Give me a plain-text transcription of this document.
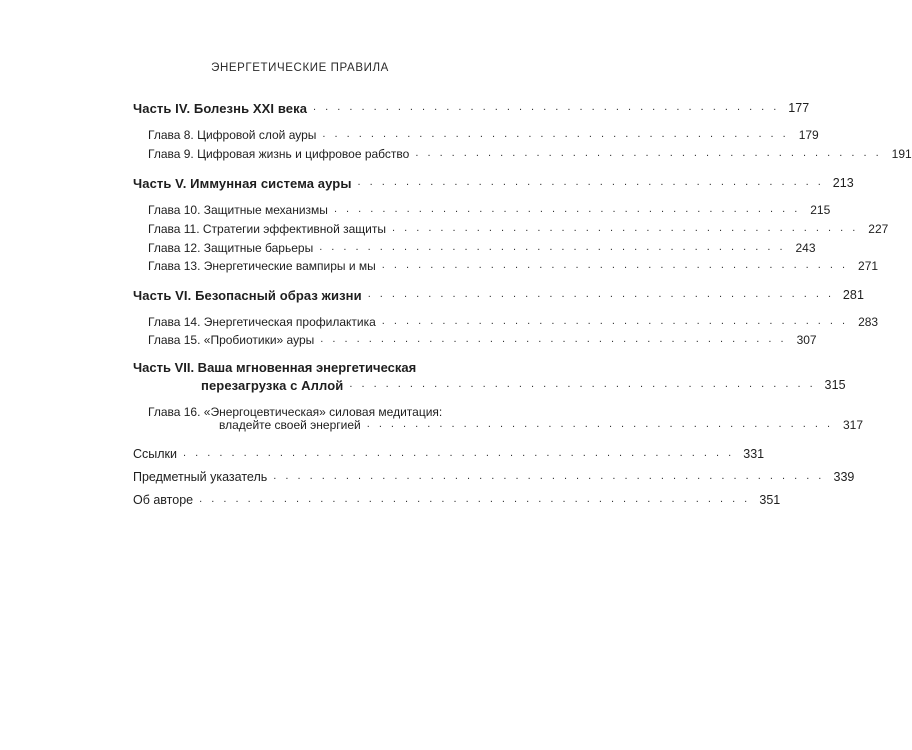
ЭНЕРГЕТИЧЕСКИЕ ПРАВИЛА
Часть IV. Болезнь XXI века . . . . . . . . . . . . . . . . . . . . . . . . . . . . . . . . . . . . . . . 177
Глава 8. Цифровой слой ауры . . . . . . . . . . . . . . . . . . . . . . . . . . . . . . . . . . . . . . . 179
Глава 9. Цифровая жизнь и цифровое рабство . . . . . . . . . . . . . . . . . . . . . . . . . . . . . . . . . . . . . . . 191
Часть V. Иммунная система ауры . . . . . . . . . . . . . . . . . . . . . . . . . . . . . . . . . . . . . . . 213
Глава 10. Защитные механизмы . . . . . . . . . . . . . . . . . . . . . . . . . . . . . . . . . . . . . . . 215
Глава 11. Стратегии эффективной защиты . . . . . . . . . . . . . . . . . . . . . . . . . . . . . . . . . . . . . . . 227
Глава 12. Защитные барьеры . . . . . . . . . . . . . . . . . . . . . . . . . . . . . . . . . . . . . . . 243
Глава 13. Энергетические вампиры и мы . . . . . . . . . . . . . . . . . . . . . . . . . . . . . . . . . . . . . . . 271
Часть VI. Безопасный образ жизни . . . . . . . . . . . . . . . . . . . . . . . . . . . . . . . . . . . . . . . 281
Глава 14. Энергетическая профилактика . . . . . . . . . . . . . . . . . . . . . . . . . . . . . . . . . . . . . . . 283
Глава 15. «Пробиотики» ауры . . . . . . . . . . . . . . . . . . . . . . . . . . . . . . . . . . . . . . . 307
Часть VII. Ваша мгновенная энергетическая
перезагрузка с Аллой . . . . . . . . . . . . . . . . . . . . . . . . . . . . . . . . . . . . . . . 315
Глава 16. «Энергоцевтическая» силовая медитация:
владейте своей энергией . . . . . . . . . . . . . . . . . . . . . . . . . . . . . . . . . . . . . . . 317
Ссылки . . . . . . . . . . . . . . . . . . . . . . . . . . . . . . . . . . . . . . . . . . . . . . 331
Предметный указатель . . . . . . . . . . . . . . . . . . . . . . . . . . . . . . . . . . . . . . . . . . . . . . 339
Об авторе . . . . . . . . . . . . . . . . . . . . . . . . . . . . . . . . . . . . . . . . . . . . . . 351
